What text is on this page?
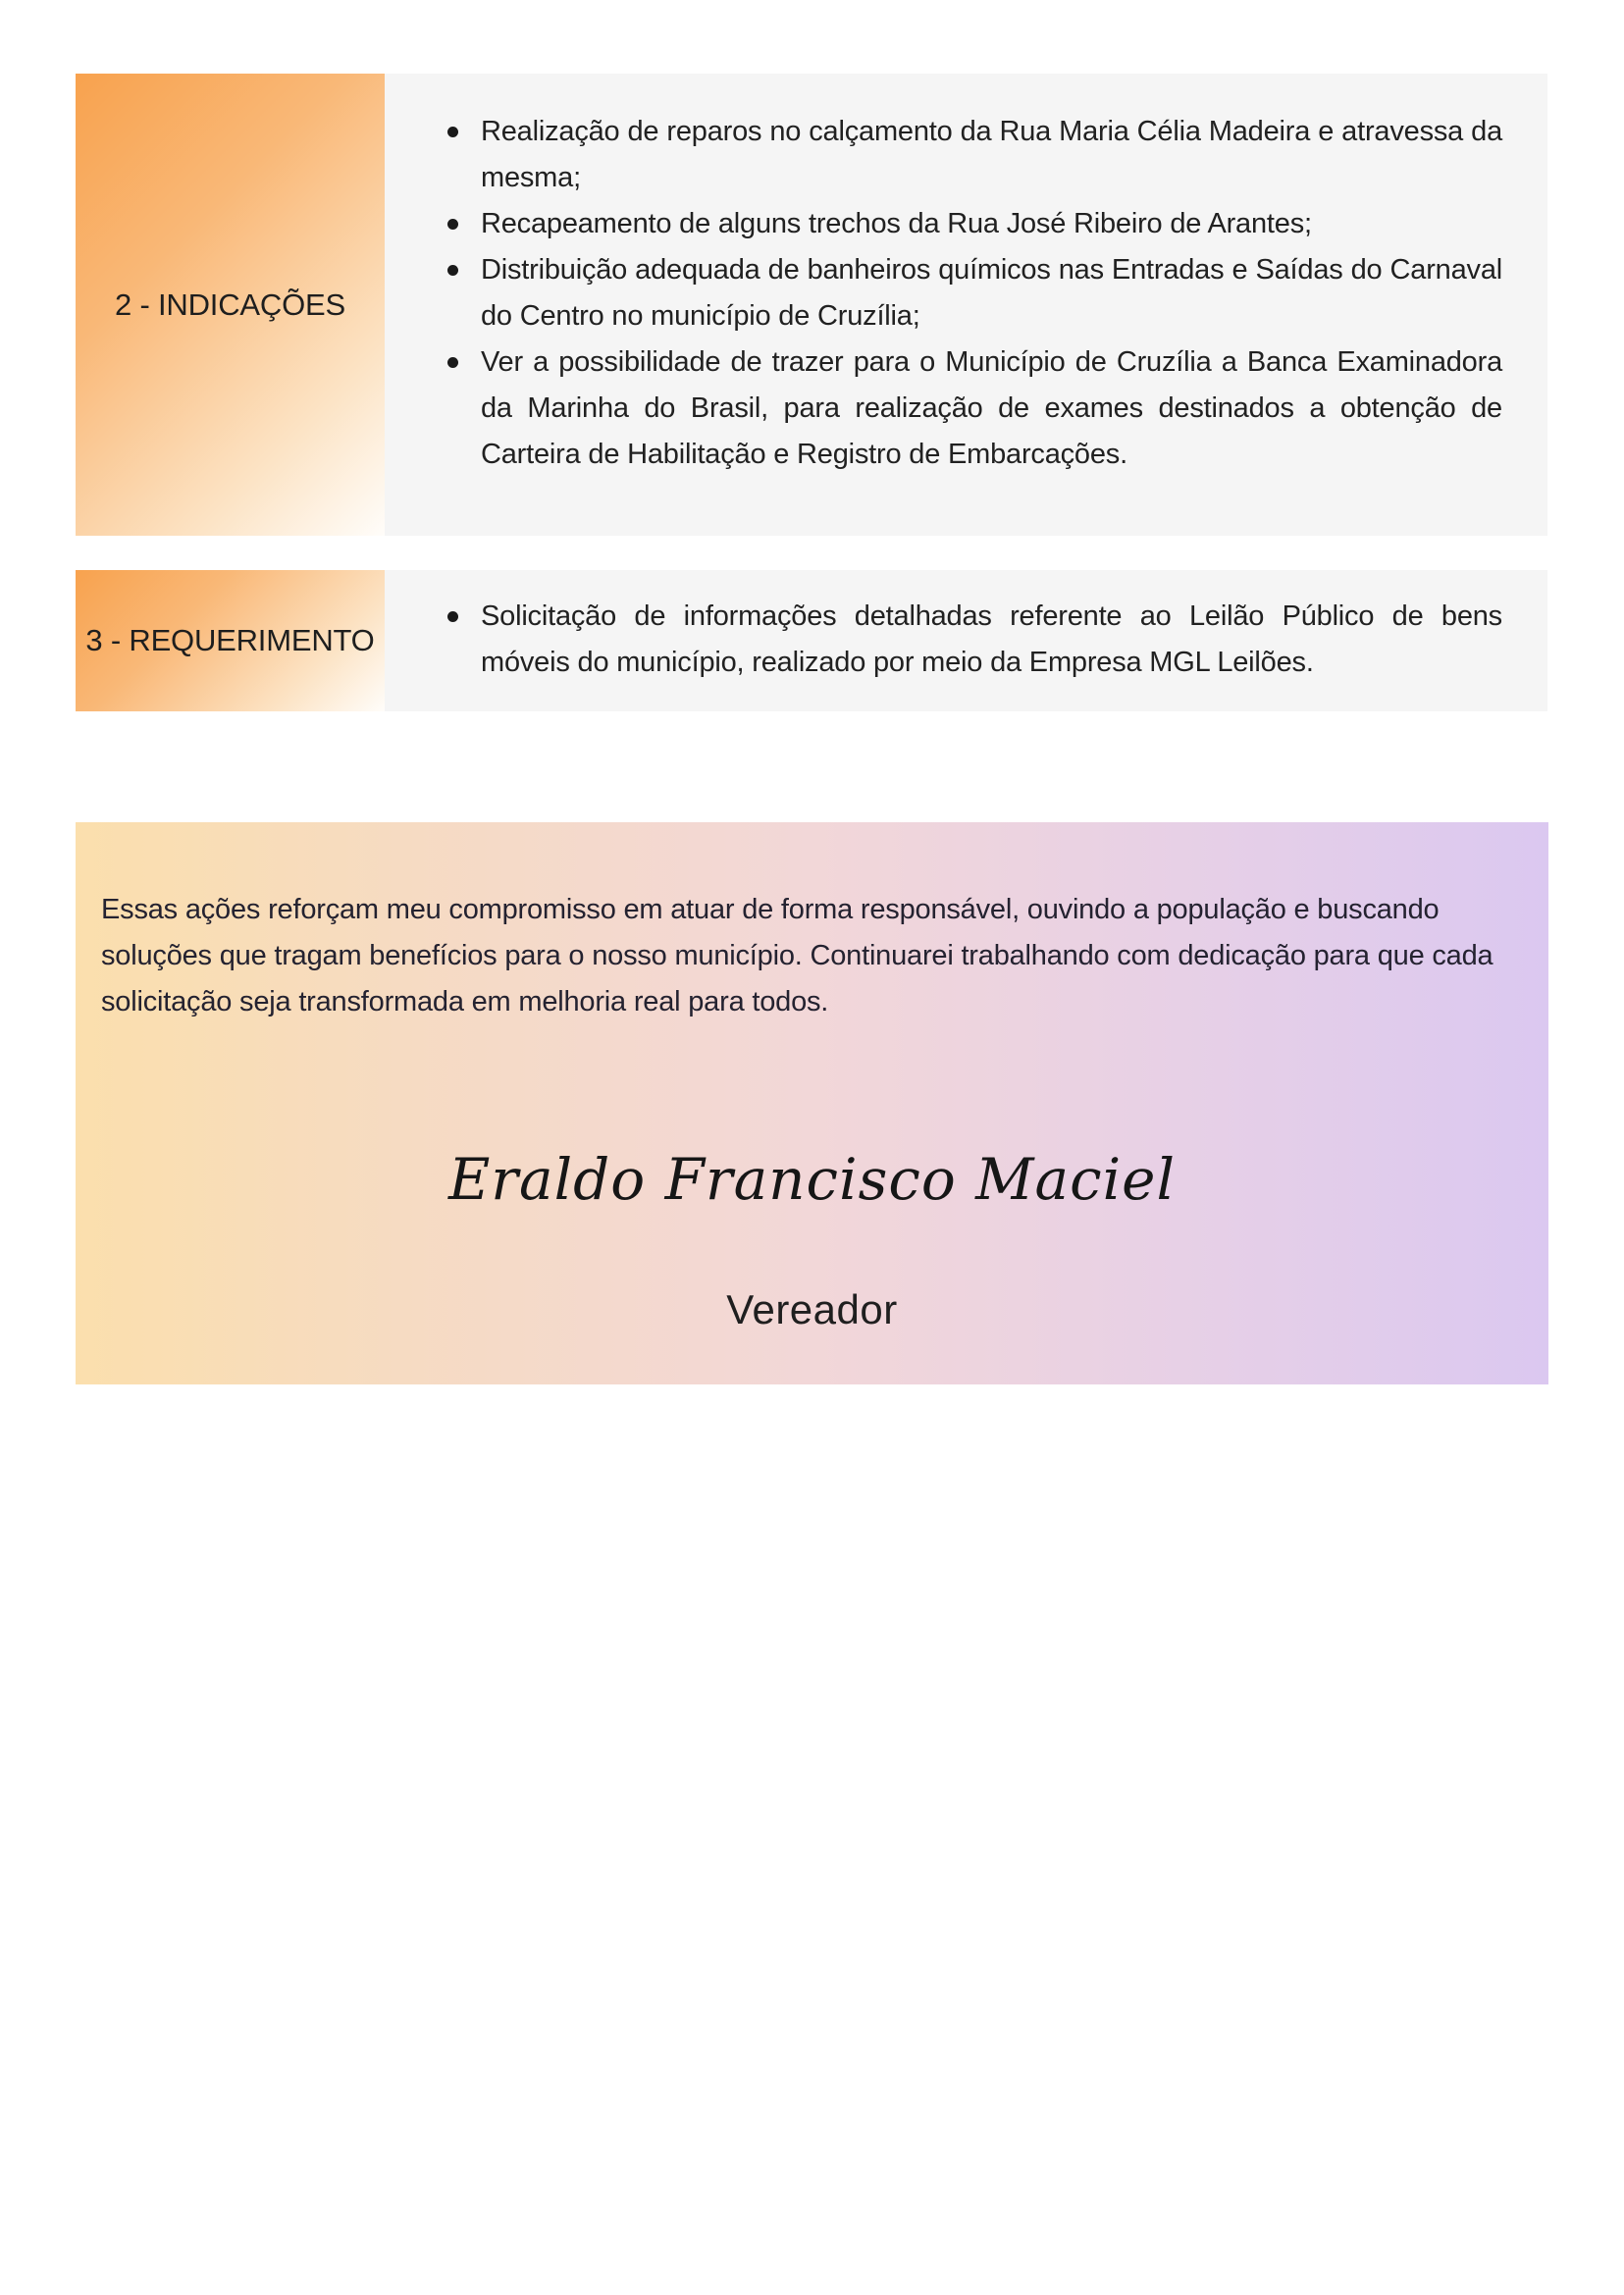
2 - INDICAÇÕES
Realização de reparos no calçamento da Rua Maria Célia Madeira e atravessa da mesma;
Recapeamento de alguns trechos da Rua José Ribeiro de Arantes;
Distribuição adequada de banheiros químicos nas Entradas e Saídas do Carnaval do Centro no município de Cruzília;
Ver a possibilidade de trazer para o Município de Cruzília a Banca Examinadora da Marinha do Brasil, para realização de exames destinados a obtenção de Carteira de Habilitação e Registro de Embarcações.
3 - REQUERIMENTO
Solicitação de informações detalhadas referente ao Leilão Público de bens móveis do município, realizado por meio da Empresa MGL Leilões.

Essas ações reforçam meu compromisso em atuar de forma responsável, ouvindo a população e buscando soluções que tragam benefícios para o nosso município. Continuarei trabalhando com dedicação para que cada solicitação seja transformada em melhoria real para todos.

Eraldo Francisco Maciel
Vereador
